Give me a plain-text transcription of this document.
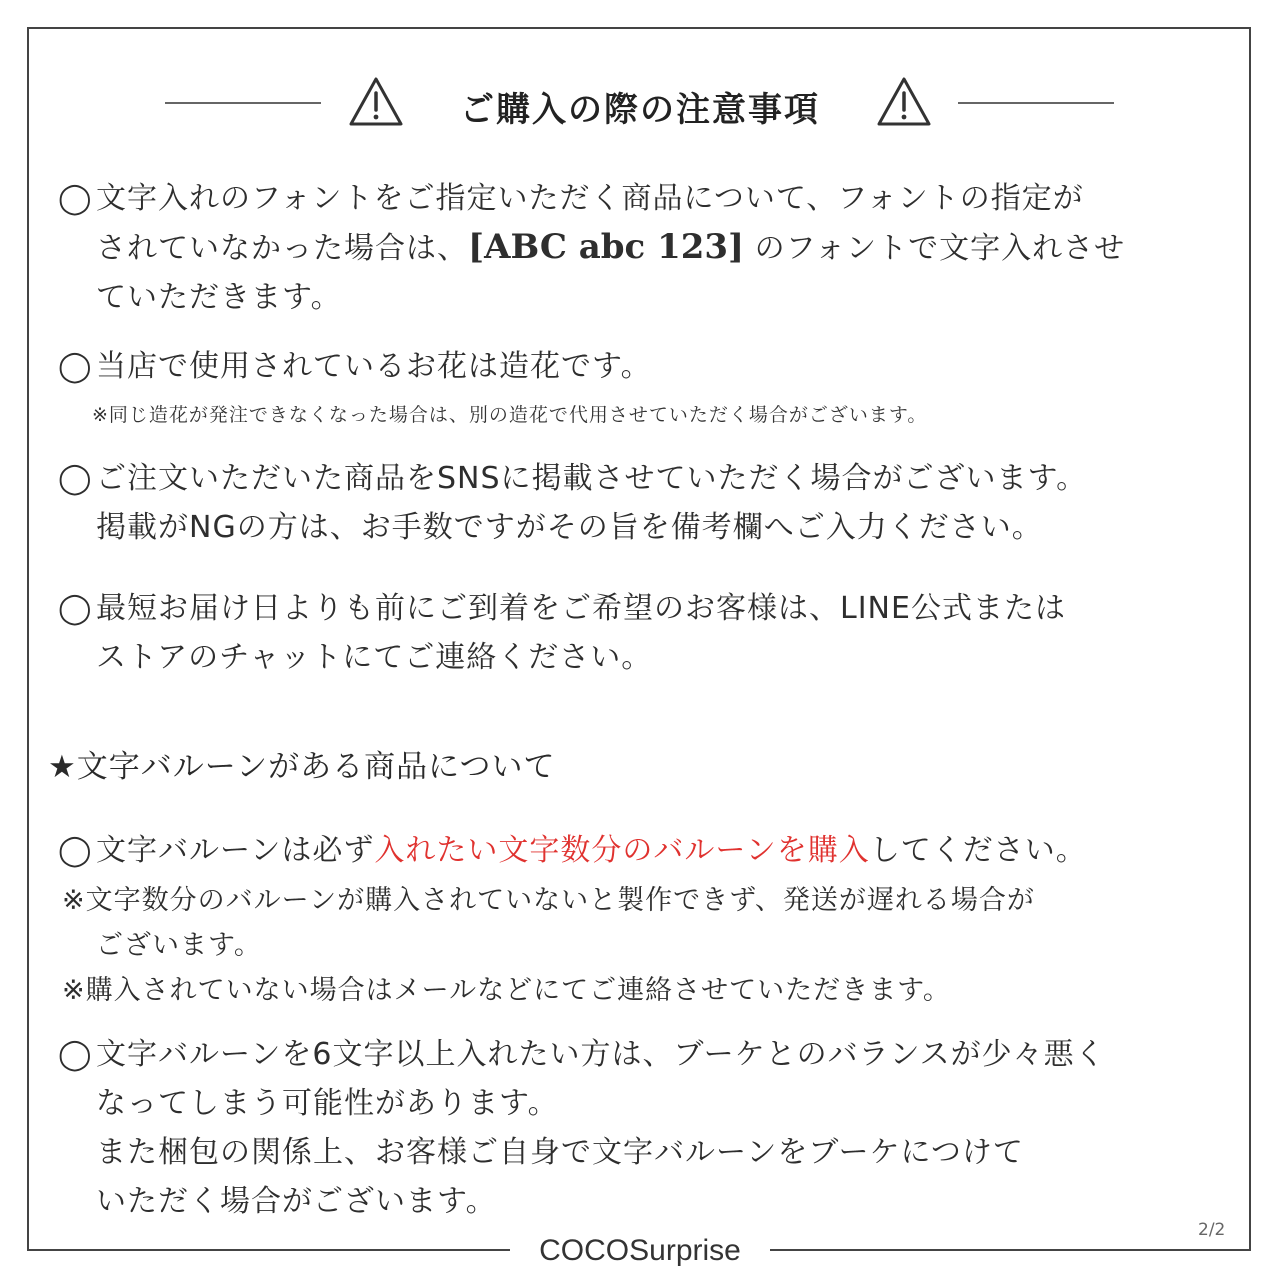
ご購入の際の注意事項
◯ 文字入れのフォントをご指定いただく商品について、フォントの指定が
されていなかった場合は、[ABC abc 123] のフォントで文字入れさせ
ていただきます。
◯ 当店で使用されているお花は造花です。
※同じ造花が発注できなくなった場合は、別の造花で代用させていただく場合がございます。
◯ ご注文いただいた商品をSNSに掲載させていただく場合がございます。
掲載がNGの方は、お手数ですがその旨を備考欄へご入力ください。
◯ 最短お届け日よりも前にご到着をご希望のお客様は、LINE公式または
ストアのチャットにてご連絡ください。
★文字バルーンがある商品について
◯ 文字バルーンは必ず入れたい文字数分のバルーンを購入してください。
※文字数分のバルーンが購入されていないと製作できず、発送が遅れる場合が
ございます。
※購入されていない場合はメールなどにてご連絡させていただきます。
◯ 文字バルーンを6文字以上入れたい方は、ブーケとのバランスが少々悪く
なってしまう可能性があります。
また梱包の関係上、お客様ご自身で文字バルーンをブーケにつけて
いただく場合がございます。
2/2
COCOSurprise
